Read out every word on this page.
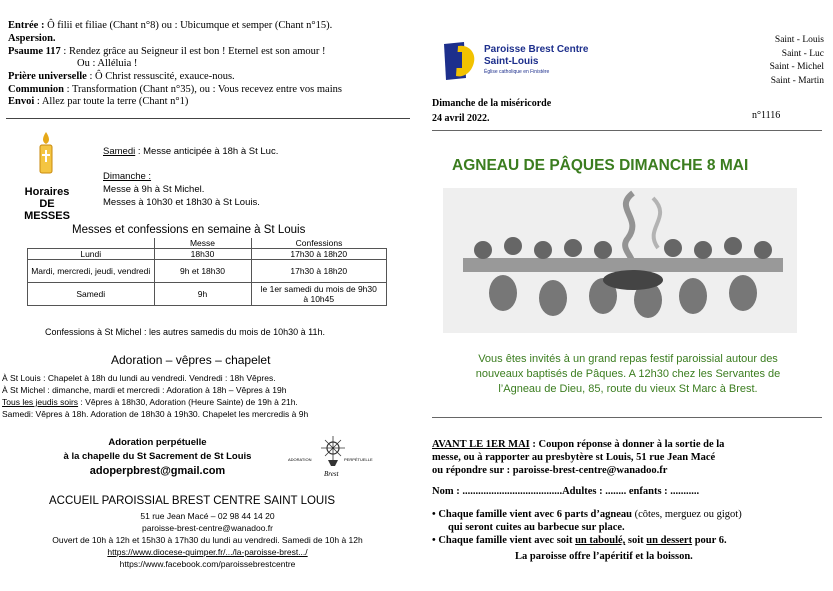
Entrée : Ô filii et filiae (Chant n°8) ou : Ubicumque et semper (Chant n°15).
Aspersion.
Psaume 117 : Rendez grâce au Seigneur il est bon ! Eternel est son amour !
Ou : Alléluia !
Prière universelle : Ô Christ ressuscité, exauce-nous.
Communion : Transformation (Chant n°35), ou : Vous recevez entre vos mains
Envoi : Allez par toute la terre (Chant n°1)
Horaires
DE MESSES
Samedi : Messe anticipée à 18h à St Luc.
Dimanche :
Messe à 9h à St Michel.
Messes à 10h30 et 18h30 à St Louis.
Messes et confessions en semaine à St Louis
	Messe	Confessions
Lundi	18h30	17h30 à 18h20
Mardi, mercredi, jeudi, vendredi	9h et 18h30	17h30 à 18h20
Samedi	9h	le 1er samedi du mois de 9h30 à 10h45
Confessions à St Michel : les autres samedis du mois de 10h30 à 11h.
Adoration – vêpres – chapelet
À St Louis : Chapelet à 18h du lundi au vendredi. Vendredi : 18h Vêpres.
À St Michel : dimanche, mardi et mercredi : Adoration à 18h – Vêpres à 19h
Tous les jeudis soirs : Vêpres à 18h30, Adoration (Heure Sainte) de 19h à 21h.
Samedi: Vêpres à 18h. Adoration de 18h30 à 19h30. Chapelet les mercredis à 9h
Adoration perpétuelle
à la chapelle du St Sacrement de St Louis
adoperpbrest@gmail.com
ADORATION	PERPÉTUELLE
Brest
ACCUEIL PAROISSIAL BREST CENTRE SAINT LOUIS
51 rue Jean Macé – 02 98 44 14 20
paroisse-brest-centre@wanadoo.fr
Ouvert de 10h à 12h et 15h30 à 17h30 du lundi au vendredi. Samedi de 10h à 12h
https://www.diocese-quimper.fr/.../la-paroisse-brest.../
https://www.facebook.com/paroissebrestcentre
Paroisse Brest Centre
Saint-Louis
Église catholique en Finistère
Saint - Louis
Saint - Luc
Saint - Michel
Saint - Martin
Dimanche de la miséricorde
24 avril 2022.	n°1116
AGNEAU DE PÂQUES DIMANCHE 8 MAI
Vous êtes invités à un grand repas festif paroissial autour des
nouveaux baptisés de Pâques. A 12h30 chez les Servantes de
l’Agneau de Dieu, 85, route du vieux St Marc à Brest.
AVANT LE 1ER MAI : Coupon réponse à donner à la sortie de la
messe, ou à rapporter au presbytère st Louis, 51 rue Jean Macé
ou répondre sur : paroisse-brest-centre@wanadoo.fr
Nom : ......................................Adultes : ........ enfants : ...........
• Chaque famille vient avec 6 parts d’agneau (côtes, merguez ou gigot)
qui seront cuites au barbecue sur place.
• Chaque famille vient avec soit un taboulé, soit un dessert pour 6.
La paroisse offre l’apéritif et la boisson.
